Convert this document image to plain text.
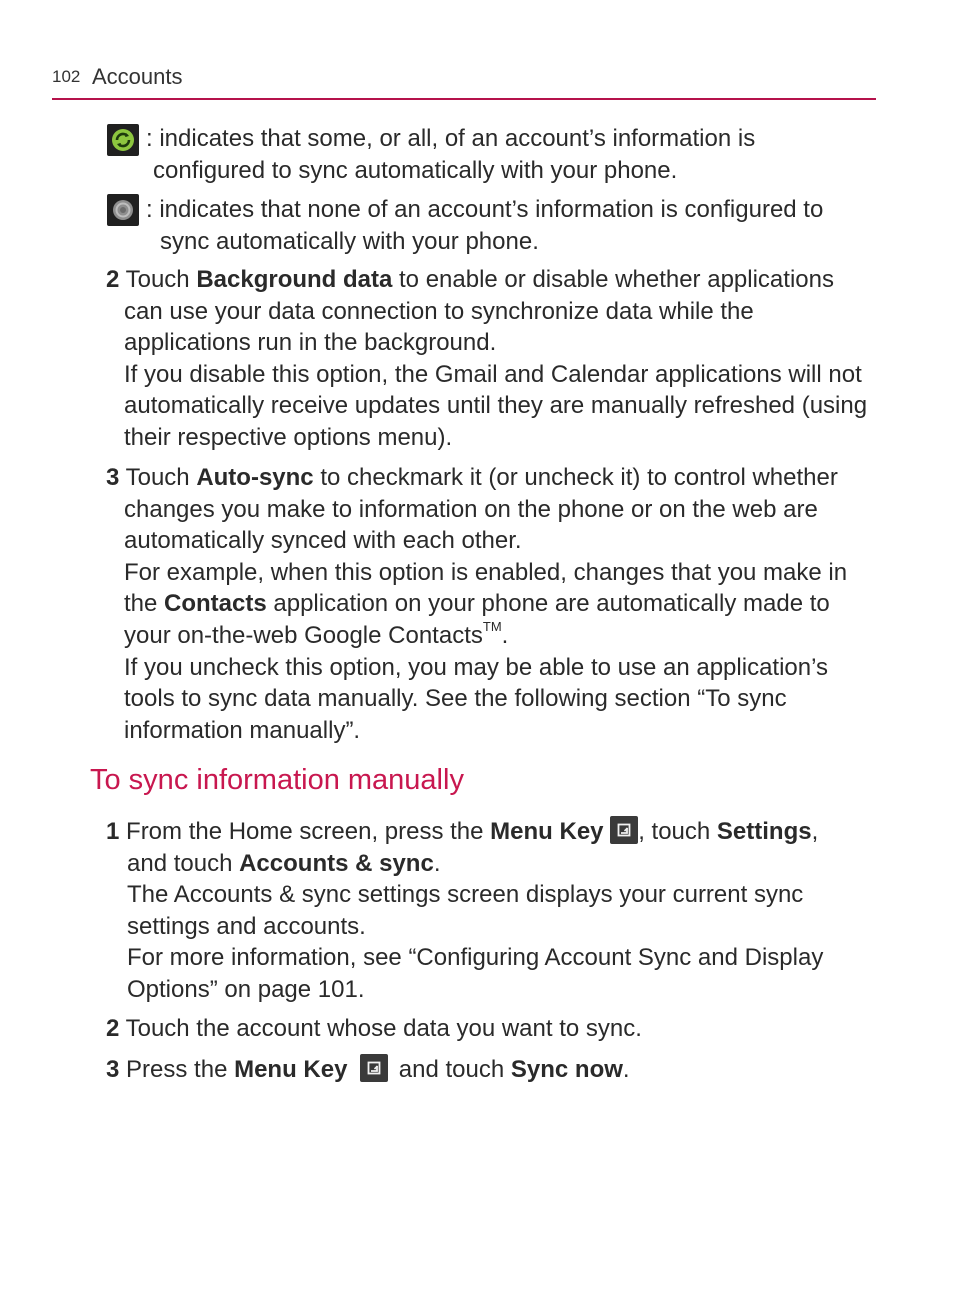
102 Accounts
: indicates that some, or all, of an account’s information is
configured to sync automatically with your phone.
: indicates that none of an account’s information is configured to
sync automatically with your phone.
2 Touch Background data to enable or disable whether applications
can use your data connection to synchronize data while the
applications run in the background.
If you disable this option, the Gmail and Calendar applications will not
automatically receive updates until they are manually refreshed (using
their respective options menu).
3 Touch Auto-sync to checkmark it (or uncheck it) to control whether
changes you make to information on the phone or on the web are
automatically synced with each other.
For example, when this option is enabled, changes that you make in
the Contacts application on your phone are automatically made to
your on-the-web Google Contacts™.
If you uncheck this option, you may be able to use an application’s
tools to sync data manually. See the following section “To sync
information manually”.
To sync information manually
1 From the Home screen, press the Menu Key , touch Settings,
and touch Accounts & sync.
The Accounts & sync settings screen displays your current sync
settings and accounts.
For more information, see “Configuring Account Sync and Display
Options” on page 101.
2 Touch the account whose data you want to sync.
3 Press the Menu Key
and touch Sync now.
